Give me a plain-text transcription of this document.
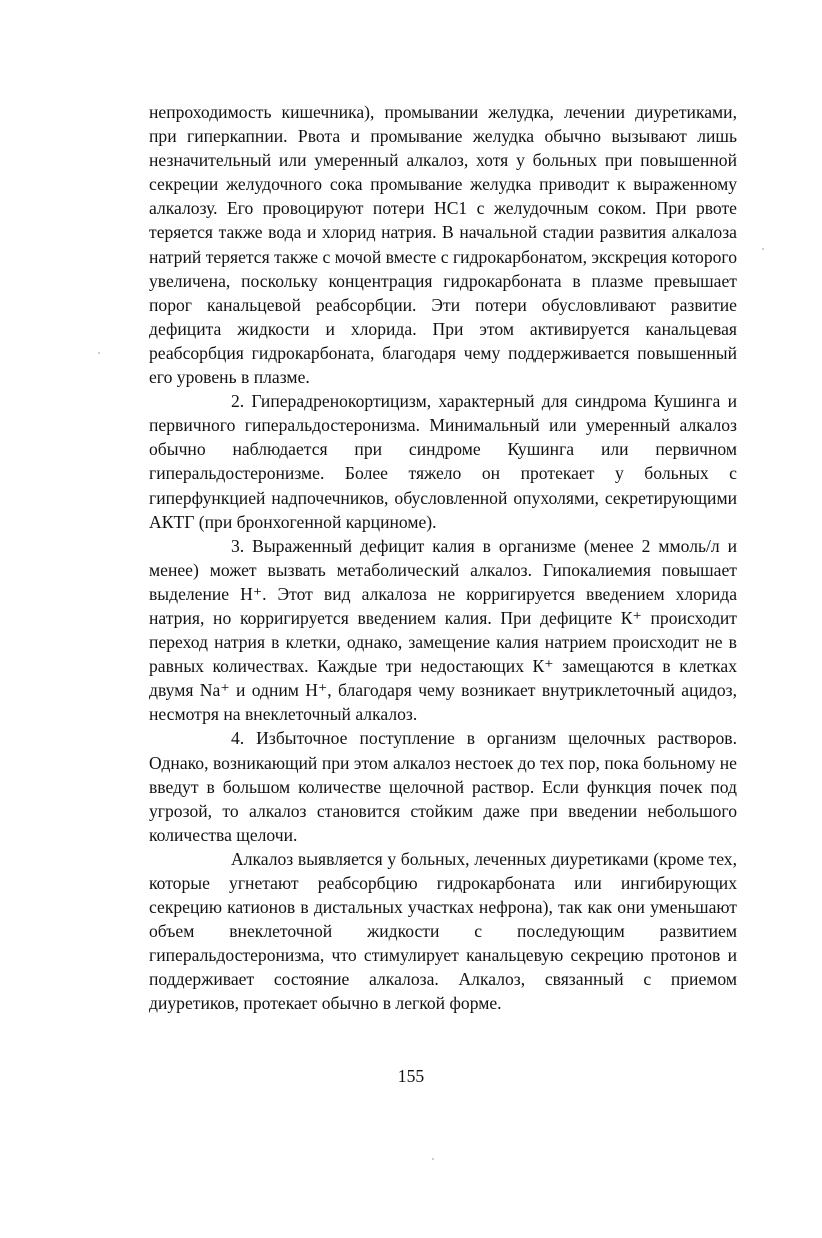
непроходимость кишечника), промывании желудка, лечении диуретиками, при гиперкапнии. Рвота и промывание желудка обычно вызывают лишь незначительный или умеренный алкалоз, хотя у больных при повышенной секреции желудочного сока промывание желудка приводит к выраженному алкалозу. Его провоцируют потери НС1 с желудочным соком. При рвоте теряется также вода и хлорид натрия. В начальной стадии развития алкалоза натрий теряется также с мочой вместе с гидрокарбонатом, экскреция которого увеличена, поскольку концентрация гидрокарбоната в плазме превышает порог канальцевой реабсорбции. Эти потери обусловливают развитие дефицита жидкости и хлорида. При этом активируется канальцевая реабсорбция гидрокарбоната, благодаря чему поддерживается повышенный его уровень в плазме.

2. Гиперадренокортицизм, характерный для синдрома Кушинга и первичного гиперальдостеронизма. Минимальный или умеренный алкалоз обычно наблюдается при синдроме Кушинга или первичном гиперальдостеронизме. Более тяжело он протекает у больных с гиперфункцией надпочечников, обусловленной опухолями, секретирующими АКТГ (при бронхогенной карциноме).

3. Выраженный дефицит калия в организме (менее 2 ммоль/л и менее) может вызвать метаболический алкалоз. Гипокалиемия повышает выделение Н⁺. Этот вид алкалоза не корригируется введением хлорида натрия, но корригируется введением калия. При дефиците К⁺ происходит переход натрия в клетки, однако, замещение калия натрием происходит не в равных количествах. Каждые три недостающих К⁺ замещаются в клетках двумя Na⁺ и одним Н⁺, благодаря чему возникает внутриклеточный ацидоз, несмотря на внеклеточный алкалоз.

4. Избыточное поступление в организм щелочных растворов. Однако, возникающий при этом алкалоз нестоек до тех пор, пока больному не введут в большом количестве щелочной раствор. Если функция почек под угрозой, то алкалоз становится стойким даже при введении небольшого количества щелочи.

Алкалоз выявляется у больных, леченных диуретиками (кроме тех, которые угнетают реабсорбцию гидрокарбоната или ингибирующих секрецию катионов в дистальных участках нефрона), так как они уменьшают объем внеклеточной жидкости с последующим развитием гиперальдостеронизма, что стимулирует канальцевую секрецию протонов и поддерживает состояние алкалоза. Алкалоз, связанный с приемом диуретиков, протекает обычно в легкой форме.

155
